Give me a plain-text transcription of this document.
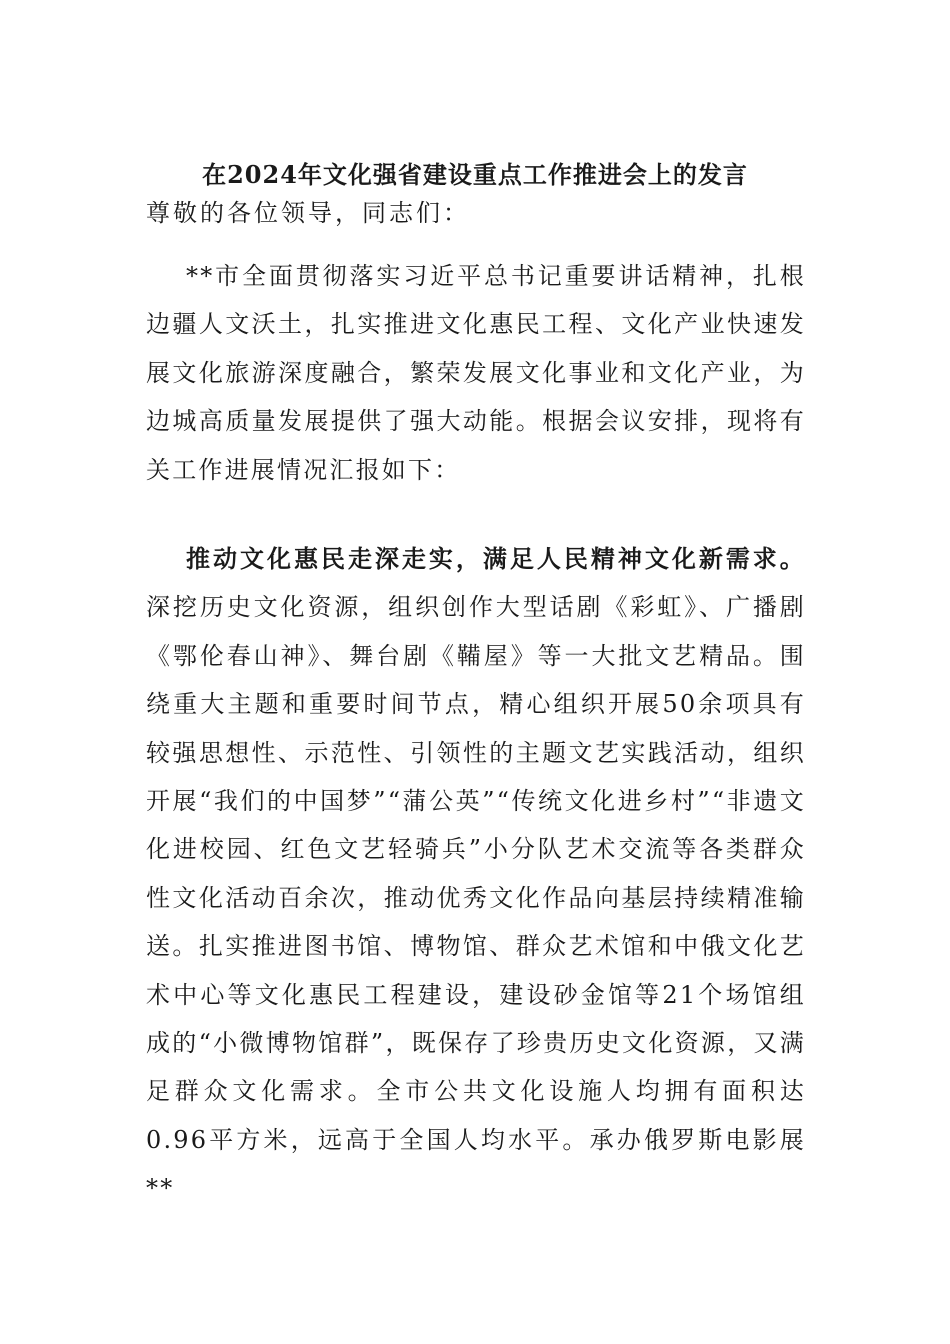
在2024年文化强省建设重点工作推进会上的发言
尊敬的各位领导，同志们：

**市全面贯彻落实习近平总书记重要讲话精神，扎根边疆人文沃土，扎实推进文化惠民工程、文化产业快速发展文化旅游深度融合，繁荣发展文化事业和文化产业，为边城高质量发展提供了强大动能。根据会议安排，现将有关工作进展情况汇报如下：

推动文化惠民走深走实，满足人民精神文化新需求。深挖历史文化资源，组织创作大型话剧《彩虹》、广播剧《鄂伦春山神》、舞台剧《鞴屋》等一大批文艺精品。围绕重大主题和重要时间节点，精心组织开展50余项具有较强思想性、示范性、引领性的主题文艺实践活动，组织开展“我们的中国梦”“蒲公英”“传统文化进乡村”“非遗文化进校园、红色文艺轻骑兵”小分队艺术交流等各类群众性文化活动百余次，推动优秀文化作品向基层持续精准输送。扎实推进图书馆、博物馆、群众艺术馆和中俄文化艺术中心等文化惠民工程建设，建设砂金馆等21个场馆组成的“小微博物馆群”，既保存了珍贵历史文化资源，又满足群众文化需求。全市公共文化设施人均拥有面积达0.96平方米，远高于全国人均水平。承办俄罗斯电影展**
